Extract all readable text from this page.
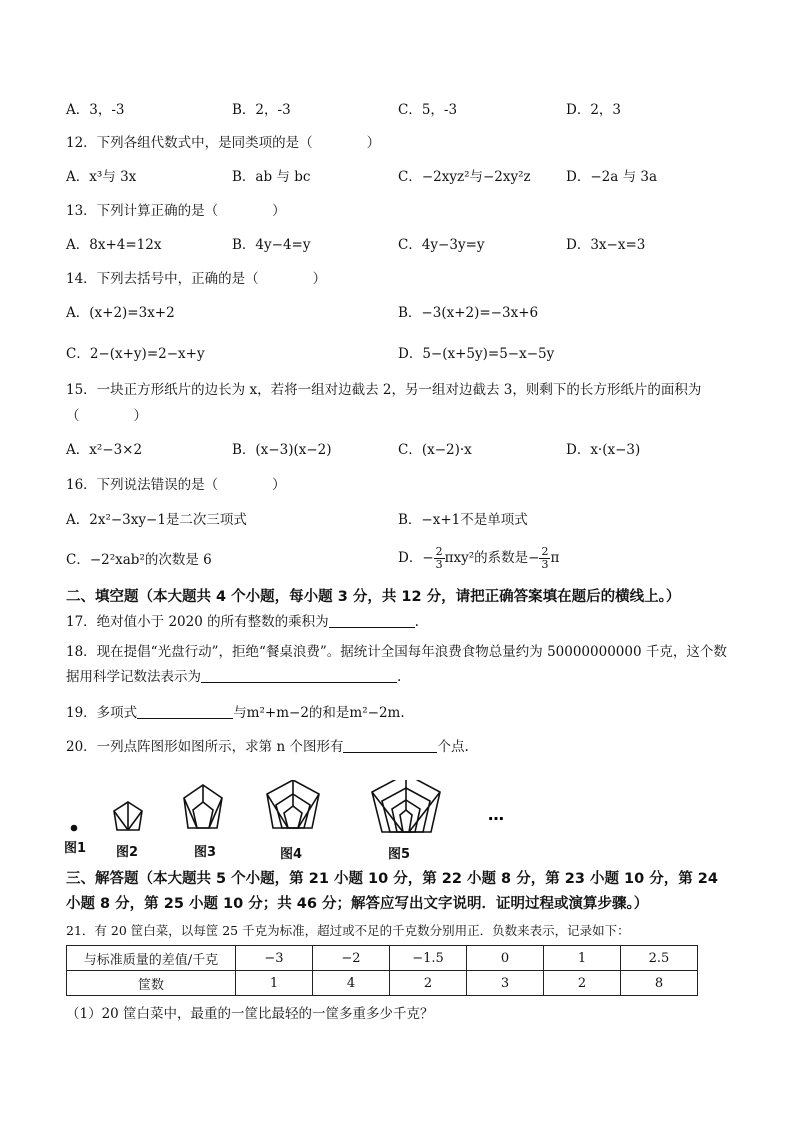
A．3，-3	B．2，-3	C．5，-3	D．2，3
12．下列各组代数式中，是同类项的是（　　　　）
A．x³与 3x	B．ab 与 bc	C．−2xyz²与−2xy²z	D．−2a 与 3a
13．下列计算正确的是（　　　　）
A．8x+4=12x	B．4y−4=y	C．4y−3y=y	D．3x−x=3
14．下列去括号中，正确的是（　　　　）
A．(x+2)=3x+2	B．−3(x+2)=−3x+6
C．2−(x+y)=2−x+y	D．5−(x+5y)=5−x−5y
15．一块正方形纸片的边长为 x，若将一组对边截去 2，另一组对边截去 3，则剩下的长方形纸片的面积为
（　　　　）
A．x²−3×2	B．(x−3)(x−2)	C．(x−2)·x	D．x·(x−3)
16．下列说法错误的是（　　　　）
A．2x²−3xy−1是二次三项式	B．−x+1不是单项式
C．−2²xab²的次数是 6	D．− $\frac{2}{3} \pi xy^2$的系数是− $\frac{2}{3}$ π
二、填空题（本大题共 4 个小题，每小题 3 分，共 12 分，请把正确答案填在题后的横线上。）
17．绝对值小于 2020 的所有整数的乘积为	.
18．现在提倡“光盘行动”，拒绝“餐桌浪费”。据统计全国每年浪费食物总量约为 50000000000 千克，这个数
据用科学记数法表示为	.
19．多项式	与m²+m−2的和是m²−2m.
20．一列点阵图形如图所示，求第 n 个图形有	个点.
…
图1 图2	图3	图4	图5
三、解答题（本大题共 5 个小题，第 21 小题 10 分，第 22 小题 8 分，第 23 小题 10 分，第 24
小题 8 分，第 25 小题 10 分；共 46 分；解答应写出文字说明．证明过程或演算步骤。）
21．有 20 筐白菜，以每筐 25 千克为标准，超过或不足的千克数分别用正．负数来表示，记录如下：
与标准质量的差值/千克	−3	−2	−1.5	0	1	2.5
筐数	1	4	2	3	2	8
（1）20 筐白菜中，最重的一筐比最轻的一筐多重多少千克？
